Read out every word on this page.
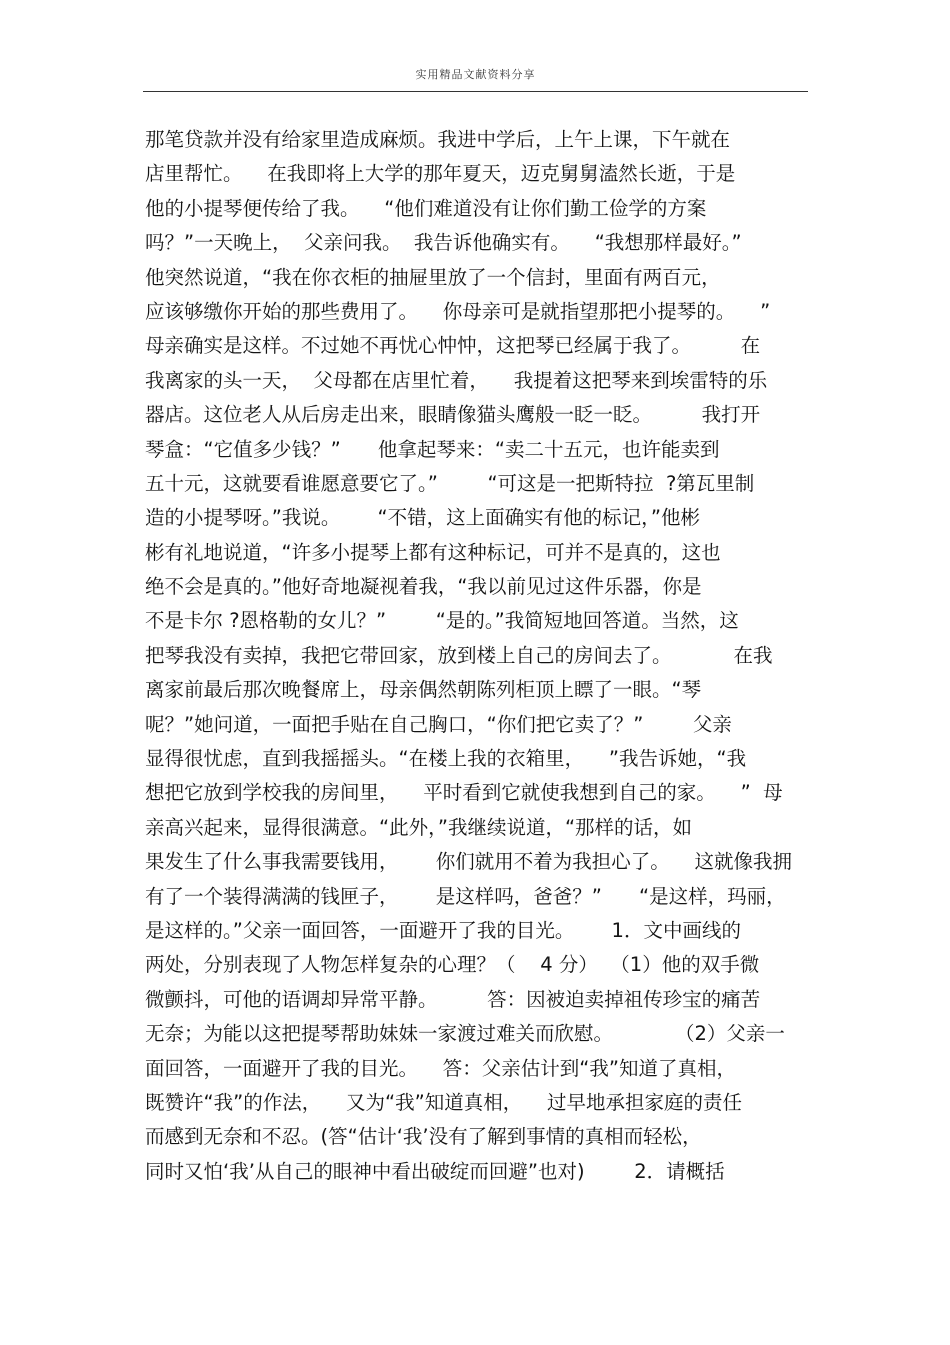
实用精品文献资料分享
那笔贷款并没有给家里造成麻烦。我进中学后，上午上课，下午就在
店里帮忙。    在我即将上大学的那年夏天，迈克舅舅溘然长逝，于是
他的小提琴便传给了我。    “他们难道没有让你们勤工俭学的方案
吗？”一天晚上，  父亲问我。  我告诉他确实有。    “我想那样最好。”
他突然说道，“我在你衣柜的抽屉里放了一个信封，里面有两百元，
应该够缴你开始的那些费用了。    你母亲可是就指望那把小提琴的。    ”
母亲确实是这样。不过她不再忧心忡忡，这把琴已经属于我了。        在
我离家的头一天，  父母都在店里忙着，    我提着这把琴来到埃雷特的乐
器店。这位老人从后房走出来，眼睛像猫头鹰般一眨一眨。        我打开
琴盒：“它值多少钱？”      他拿起琴来：“卖二十五元，也许能卖到
五十元，这就要看谁愿意要它了。”        “可这是一把斯特拉  ?第瓦里制
造的小提琴呀。”我说。      “不错，这上面确实有他的标记，”他彬
彬有礼地说道，“许多小提琴上都有这种标记，可并不是真的，这也
绝不会是真的。”他好奇地凝视着我，“我以前见过这件乐器，你是
不是卡尔 ?恩格勒的女儿？”        “是的。”我简短地回答道。当然，这
把琴我没有卖掉，我把它带回家，放到楼上自己的房间去了。          在我
离家前最后那次晚餐席上，母亲偶然朝陈列柜顶上瞟了一眼。“琴
呢？”她问道，一面把手贴在自己胸口，“你们把它卖了？”        父亲
显得很忧虑，直到我摇摇头。“在楼上我的衣箱里，    ”我告诉她，“我
想把它放到学校我的房间里，    平时看到它就使我想到自己的家。    ”  母
亲高兴起来，显得很满意。“此外，”我继续说道，“那样的话，如
果发生了什么事我需要钱用，      你们就用不着为我担心了。    这就像我拥
有了一个装得满满的钱匣子，      是这样吗，爸爸？”      “是这样，玛丽，
是这样的。”父亲一面回答，一面避开了我的目光。      1．文中画线的
两处，分别表现了人物怎样复杂的心理？（    4 分）  （1）他的双手微
微颤抖，可他的语调却异常平静。        答：因被迫卖掉祖传珍宝的痛苦
无奈；为能以这把提琴帮助妹妹一家渡过难关而欣慰。          （2）父亲一
面回答，一面避开了我的目光。    答：父亲估计到“我”知道了真相，
既赞许“我”的作法，    又为“我”知道真相，    过早地承担家庭的责任
而感到无奈和不忍。(答“估计‘我’没有了解到事情的真相而轻松，
同时又怕‘我’从自己的眼神中看出破绽而回避”也对)        2．请概括
